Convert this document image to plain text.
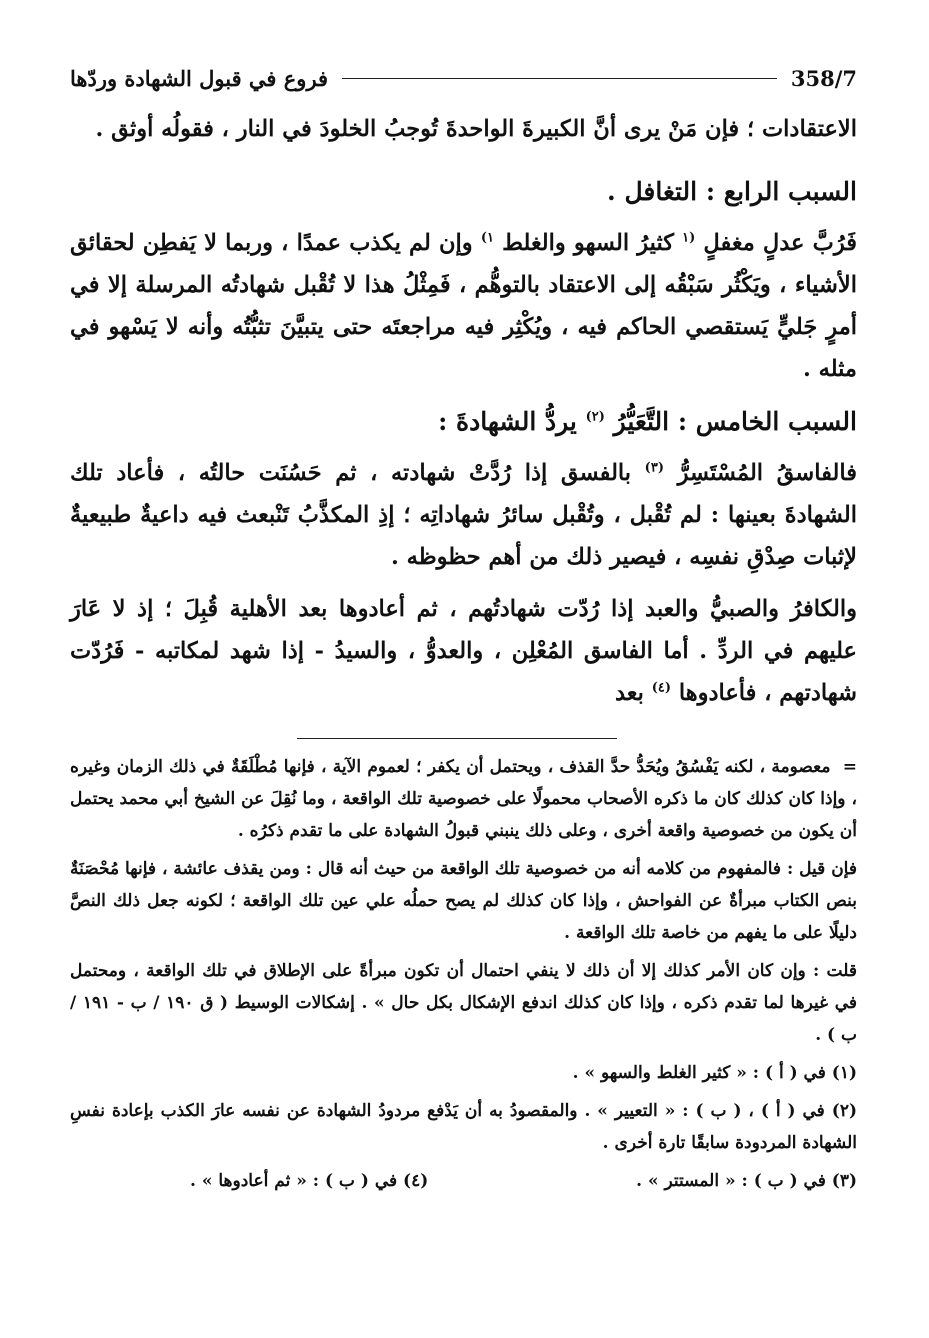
358/7
فروع في قبول الشهادة وردّها

الاعتقادات ؛ فإن مَنْ يرى أنَّ الكبيرةَ الواحدةَ تُوجبُ الخلودَ في النار ، فقولُه أوثق .

السبب الرابع : التغافل .

فَرُبَّ عدلٍ مغفلٍ $^{(١}$ كثيرُ السهو والغلط $^{١)}$ وإن لم يكذب عمدًا ، وربما لا يَفطِن لحقائق الأشياء ، ويَكْثُر سَبْقُه إلى الاعتقاد بالتوهُّم ، فَمِثْلُ هذا لا تُقْبل شهادتُه المرسلة إلا في أمرٍ جَليٍّ يَستقصي الحاكم فيه ، ويُكْثِر فيه مراجعتَه حتى يتبيَّنَ تثبُّتُه وأنه لا يَسْهو في مثله .

السبب الخامس : التَّعَيُّرُ $^{(٢)}$ يردُّ الشهادةَ :

فالفاسقُ المُسْتَسِرُّ $^{(٣)}$ بالفسق إذا رُدَّتْ شهادته ، ثم حَسُنَت حالتُه ، فأعاد تلك الشهادةَ بعينها : لم تُقْبل ، وتُقْبل سائرُ شهاداتِه ؛ إذِ المكذَّبُ تَنْبعث فيه داعيةٌ طبيعيةٌ لإثبات صِدْقِ نفسِه ، فيصير ذلك من أهم حظوظه .

والكافرُ والصبيُّ والعبد إذا رُدّت شهادتُهم ، ثم أعادوها بعد الأهلية قُبِلَ ؛ إذ لا عَارَ عليهم في الردِّ . أما الفاسق المُعْلِن ، والعدوُّ ، والسيدُ - إذا شهد لمكاتبه - فَرُدّت شهادتهم ، فأعادوها $^{(٤)}$ بعد

= معصومة ، لكنه يَفْسُقُ ويُحَدُّ حدَّ القذف ، ويحتمل أن يكفر ؛ لعموم الآية ، فإنها مُطْلَقَةٌ في ذلك الزمان وغيره ، وإذا كان كذلك كان ما ذكره الأصحاب محمولًا على خصوصية تلك الواقعة ، وما نُقِلَ عن الشيخ أبي محمد يحتمل أن يكون من خصوصية واقعة أخرى ، وعلى ذلك ينبني قبولُ الشهادة على ما تقدم ذكرُه .

فإن قيل : فالمفهوم من كلامه أنه من خصوصية تلك الواقعة من حيث أنه قال : ومن يقذف عائشة ، فإنها مُحْصَنَةٌ بنص الكتاب مبرأةٌ عن الفواحش ، وإذا كان كذلك لم يصح حملُه علي عين تلك الواقعة ؛ لكونه جعل ذلك النصَّ دليلًا على ما يفهم من خاصة تلك الواقعة .

قلت : وإن كان الأمر كذلك إلا أن ذلك لا ينفي احتمال أن تكون مبرأةً على الإطلاق في تلك الواقعة ، ومحتمل في غيرها لما تقدم ذكره ، وإذا كان كذلك اندفع الإشكال بكل حال » . إشكالات الوسيط ( ق ١٩٠ / ب - ١٩١ / ب ) .

(١) في ( أ ) : « كثير الغلط والسهو » .

(٢) في ( أ ) ، ( ب ) : « التعيير » . والمقصودُ به أن يَدْفع مردودُ الشهادة عن نفسه عارَ الكذب بإعادة نفسِ الشهادة المردودة سابقًا تارة أخرى .

(٣) في ( ب ) : « المستتر » .
(٤) في ( ب ) : « ثم أعادوها » .
